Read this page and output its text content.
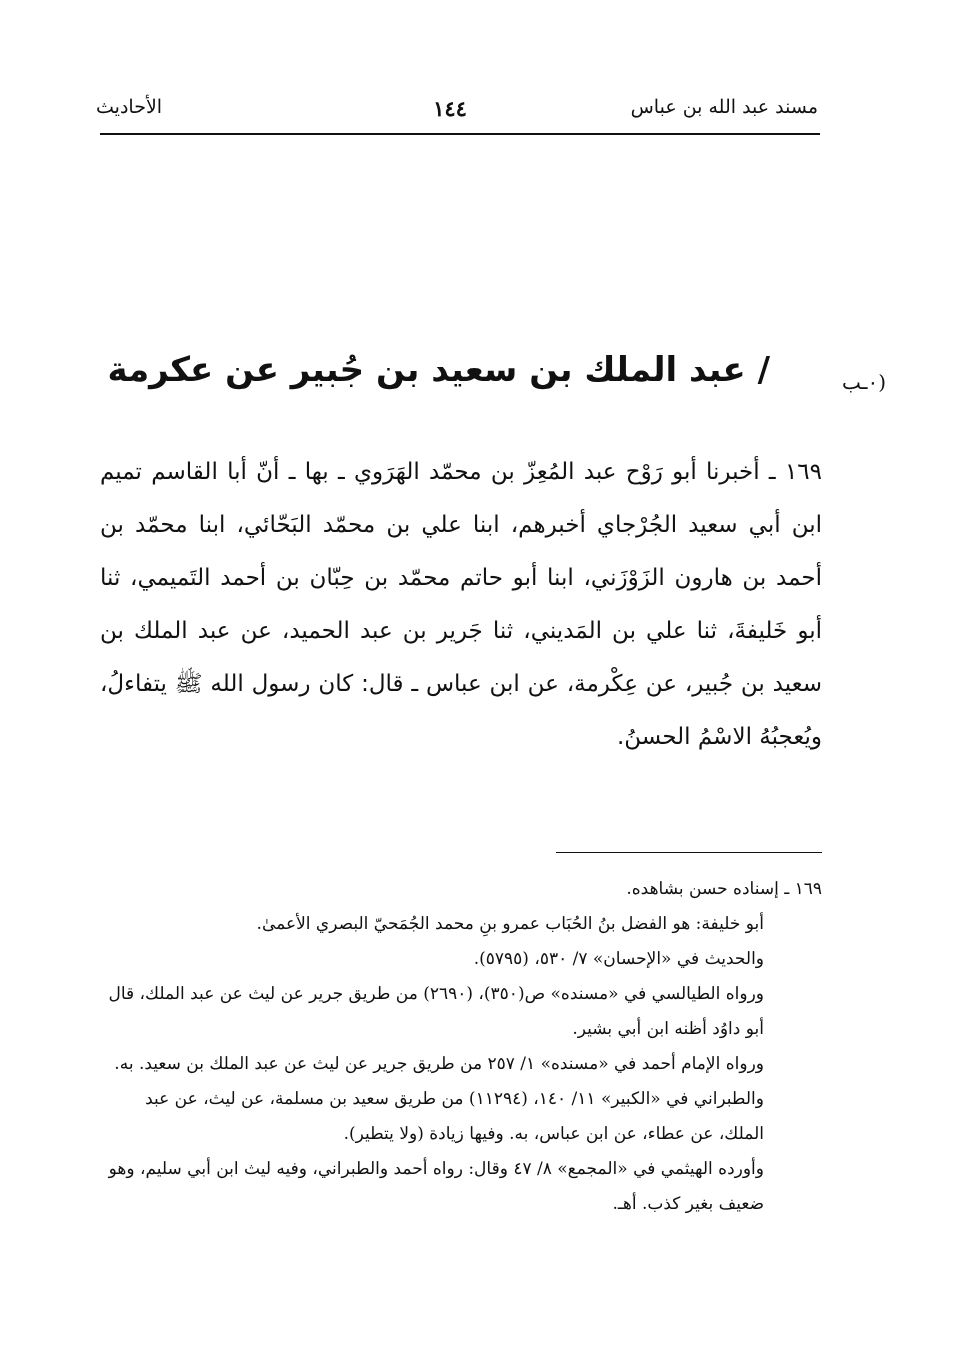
مسند عبد الله بن عباس
١٤٤
الأحاديث
٠ـب)
/ عبد الملك بن سعيد بن جُبير عن عكرمة
١٦٩ ـ أخبرنا أبو رَوْح عبد المُعِزّ بن محمّد الهَرَوي ـ بها ـ أنّ أبا القاسم تميم ابن أبي سعيد الجُرْجاي أخبرهم، ابنا علي بن محمّد البَحّائي، ابنا محمّد بن أحمد بن هارون الزَوْزَني، ابنا أبو حاتم محمّد بن حِبّان بن أحمد التَميمي، ثنا أبو خَليفةَ، ثنا علي بن المَديني، ثنا جَرير بن عبد الحميد، عن عبد الملك بن سعيد بن جُبير، عن عِكْرمة، عن ابن عباس ـ قال: كان رسول الله ﷺ يتفاءلُ، ويُعجبُهُ الاسْمُ الحسنُ.

١٦٩ ـ إسناده حسن بشاهده.

أبو خليفة: هو الفضل بنُ الحُبَاب عمرو بنِ محمد الجُمَحيّ البصري الأعمىٰ.

والحديث في «الإحسان» ٧/ ٥٣٠، (٥٧٩٥).

ورواه الطيالسي في «مسنده» ص(٣٥٠)، (٢٦٩٠) من طريق جرير عن ليث عن عبد الملك، قال أبو داوُد أظنه ابن أبي بشير.

ورواه الإمام أحمد في «مسنده» ١/ ٢٥٧ من طريق جرير عن ليث عن عبد الملك بن سعيد. به.

والطبراني في «الكبير» ١١/ ١٤٠، (١١٢٩٤) من طريق سعيد بن مسلمة، عن ليث، عن عبد الملك، عن عطاء، عن ابن عباس، به. وفيها زيادة (ولا يتطير).

وأورده الهيثمي في «المجمع» ٨/ ٤٧ وقال: رواه أحمد والطبراني، وفيه ليث ابن أبي سليم، وهو ضعيف بغير كذب. أهـ.
